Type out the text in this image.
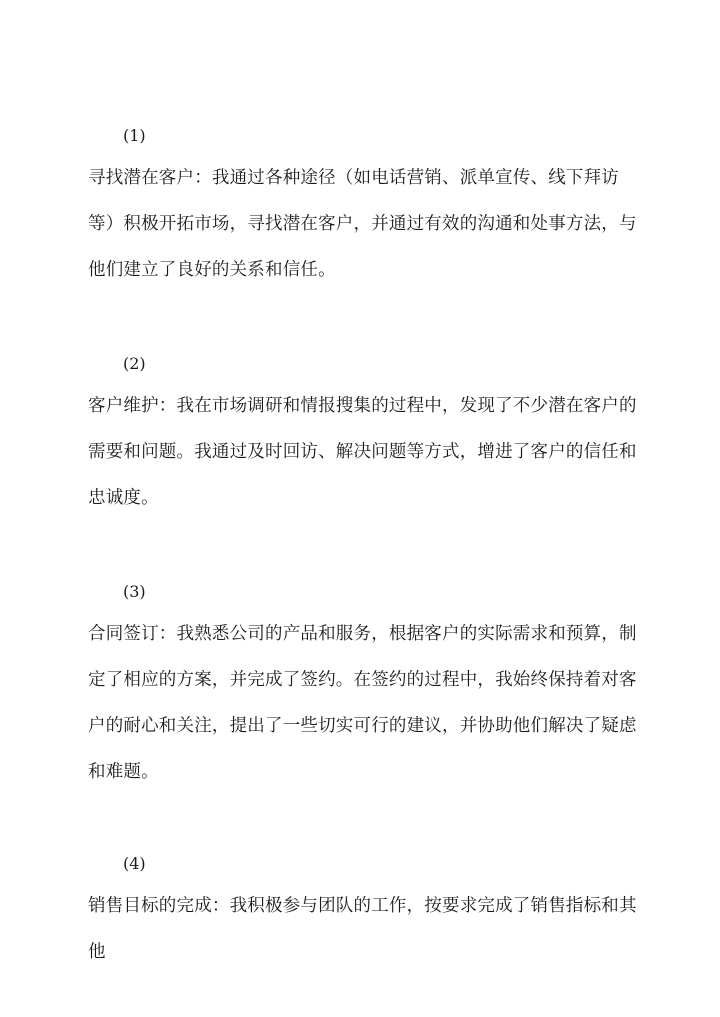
(1)

寻找潜在客户：我通过各种途径（如电话营销、派单宣传、线下拜访等）积极开拓市场，寻找潜在客户，并通过有效的沟通和处事方法，与他们建立了良好的关系和信任。

(2)

客户维护：我在市场调研和情报搜集的过程中，发现了不少潜在客户的需要和问题。我通过及时回访、解决问题等方式，增进了客户的信任和忠诚度。

(3)

合同签订：我熟悉公司的产品和服务，根据客户的实际需求和预算，制定了相应的方案，并完成了签约。在签约的过程中，我始终保持着对客户的耐心和关注，提出了一些切实可行的建议，并协助他们解决了疑虑和难题。

(4)

销售目标的完成：我积极参与团队的工作，按要求完成了销售指标和其他
